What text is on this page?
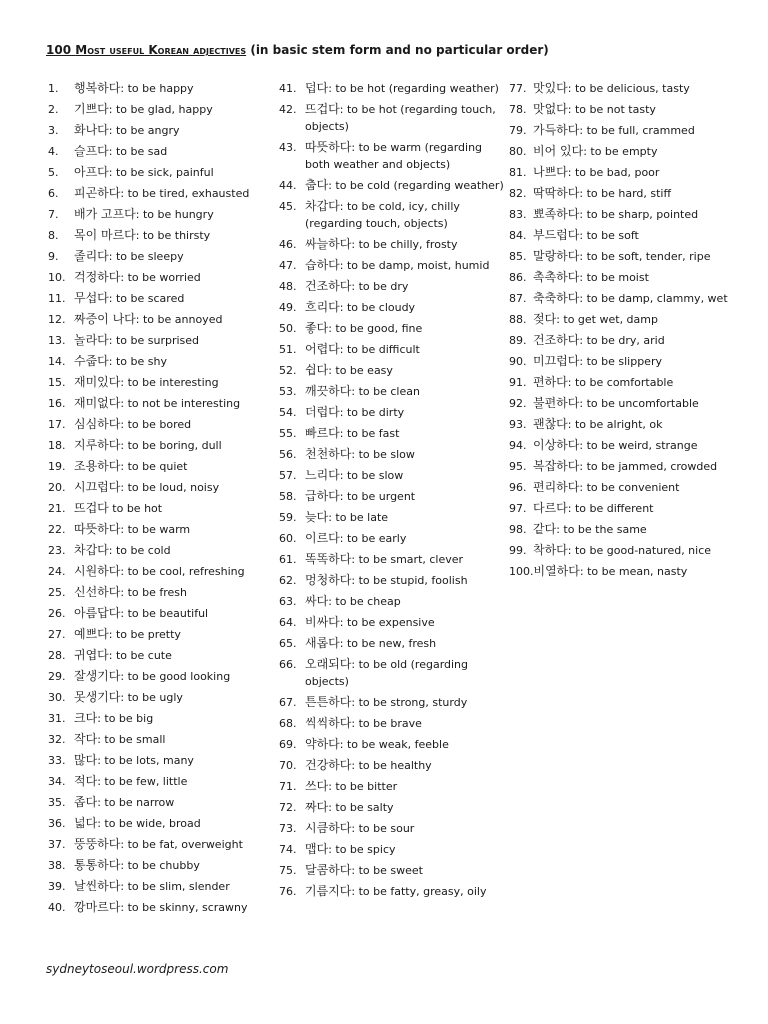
100 Most useful Korean adjectives (in basic stem form and no particular order)
1.	행복하다: to be happy
2.	기쁘다: to be glad, happy
3.	화나다: to be angry
4.	슬프다: to be sad
5.	아프다: to be sick, painful
6.	피곤하다: to be tired, exhausted
7.	배가 고프다: to be hungry
8.	목이 마르다: to be thirsty
9.	졸리다: to be sleepy
10. 걱정하다: to be worried
11. 무섭다: to be scared
12. 짜증이 나다: to be annoyed
13. 놀라다: to be surprised
14. 수줍다: to be shy
15. 재미있다: to be interesting
16. 재미없다: to not be interesting
17. 심심하다: to be bored
18. 지루하다: to be boring, dull
19. 조용하다: to be quiet
20. 시끄럽다: to be loud, noisy
21. 뜨겁다 to be hot
22. 따뜻하다: to be warm
23. 차갑다: to be cold
24. 시원하다: to be cool, refreshing
25. 신선하다: to be fresh
26. 아름답다: to be beautiful
27. 예쁘다: to be pretty
28. 귀엽다: to be cute
29. 잘생기다: to be good looking
30. 못생기다: to be ugly
31. 크다: to be big
32. 작다: to be small
33. 많다: to be lots, many
34. 적다: to be few, little
35. 좁다: to be narrow
36. 넓다: to be wide, broad
37. 뚱뚱하다: to be fat, overweight
38. 통통하다: to be chubby
39. 날씬하다: to be slim, slender
40. 깡마르다: to be skinny, scrawny
41. 덥다: to be hot (regarding weather)
42. 뜨겁다: to be hot (regarding touch, objects)
43. 따뜻하다: to be warm (regarding both weather and objects)
44. 춥다: to be cold (regarding weather)
45. 차갑다: to be cold, icy, chilly (regarding touch, objects)
46. 싸늘하다: to be chilly, frosty
47. 습하다: to be damp, moist, humid
48. 건조하다: to be dry
49. 흐리다: to be cloudy
50. 좋다: to be good, fine
51. 어렵다: to be difficult
52. 쉽다: to be easy
53. 깨끗하다: to be clean
54. 더럽다: to be dirty
55. 빠르다: to be fast
56. 천천하다: to be slow
57. 느리다: to be slow
58. 급하다: to be urgent
59. 늦다: to be late
60. 이르다: to be early
61. 똑똑하다: to be smart, clever
62. 멍청하다: to be stupid, foolish
63. 싸다: to be cheap
64. 비싸다: to be expensive
65. 새롭다: to be new, fresh
66. 오래되다: to be old (regarding objects)
67. 튼튼하다: to be strong, sturdy
68. 씩씩하다: to be brave
69. 약하다: to be weak, feeble
70. 건강하다: to be healthy
71. 쓰다: to be bitter
72. 짜다: to be salty
73. 시큼하다: to be sour
74. 맵다: to be spicy
75. 달콤하다: to be sweet
76. 기름지다: to be fatty, greasy, oily
77. 맛있다: to be delicious, tasty
78. 맛없다: to be not tasty
79. 가득하다: to be full, crammed
80. 비어 있다: to be empty
81. 나쁘다: to be bad, poor
82. 딱딱하다: to be hard, stiff
83. 뾰족하다: to be sharp, pointed
84. 부드럽다: to be soft
85. 말랑하다: to be soft, tender, ripe
86. 촉촉하다: to be moist
87. 축축하다: to be damp, clammy, wet
88. 젖다: to get wet, damp
89. 건조하다: to be dry, arid
90. 미끄럽다: to be slippery
91. 편하다: to be comfortable
92. 불편하다: to be uncomfortable
93. 괜찮다: to be alright, ok
94. 이상하다: to be weird, strange
95. 복잡하다: to be jammed, crowded
96. 편리하다: to be convenient
97. 다르다: to be different
98. 같다: to be the same
99. 착하다: to be good-natured, nice
100. 비열하다: to be mean, nasty
sydneytoseoul.wordpress.com
